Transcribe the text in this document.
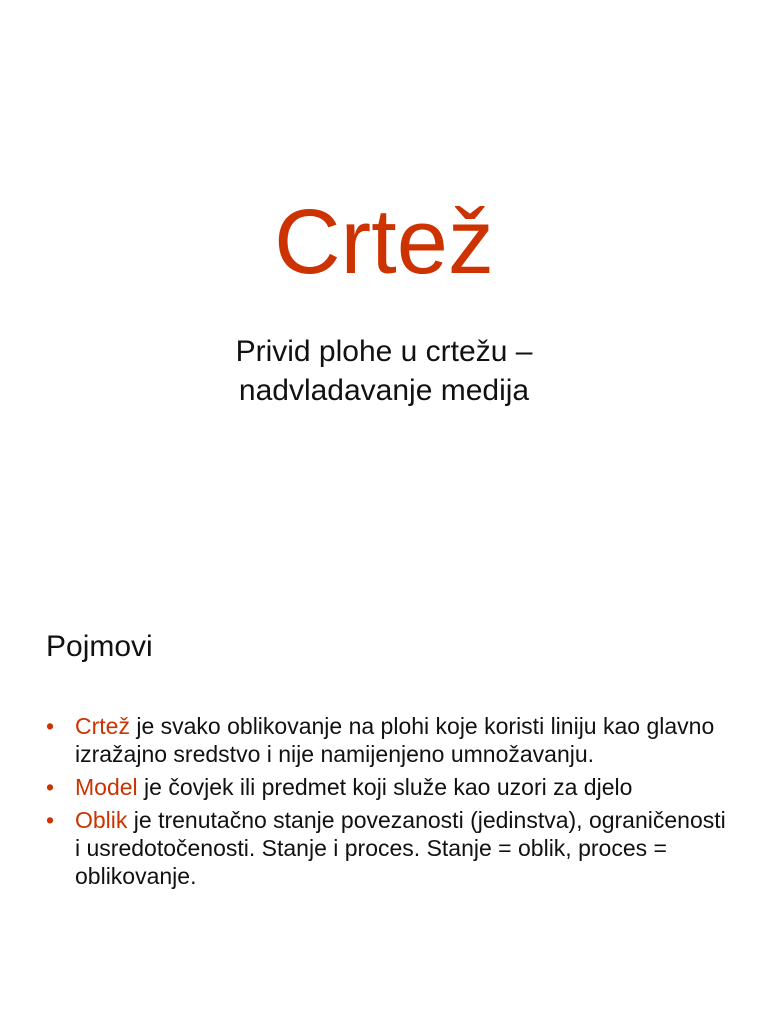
Crtež
Privid plohe u crtežu –
nadvladavanje medija
Pojmovi
• Crtež je svako oblikovanje na plohi koje koristi liniju kao glavno izražajno sredstvo i nije namijenjeno umnožavanju.
• Model je čovjek ili predmet koji služe kao uzori za djelo
• Oblik je trenutačno stanje povezanosti (jedinstva), ograničenosti i usredotočenosti. Stanje i proces. Stanje = oblik, proces = oblikovanje.
